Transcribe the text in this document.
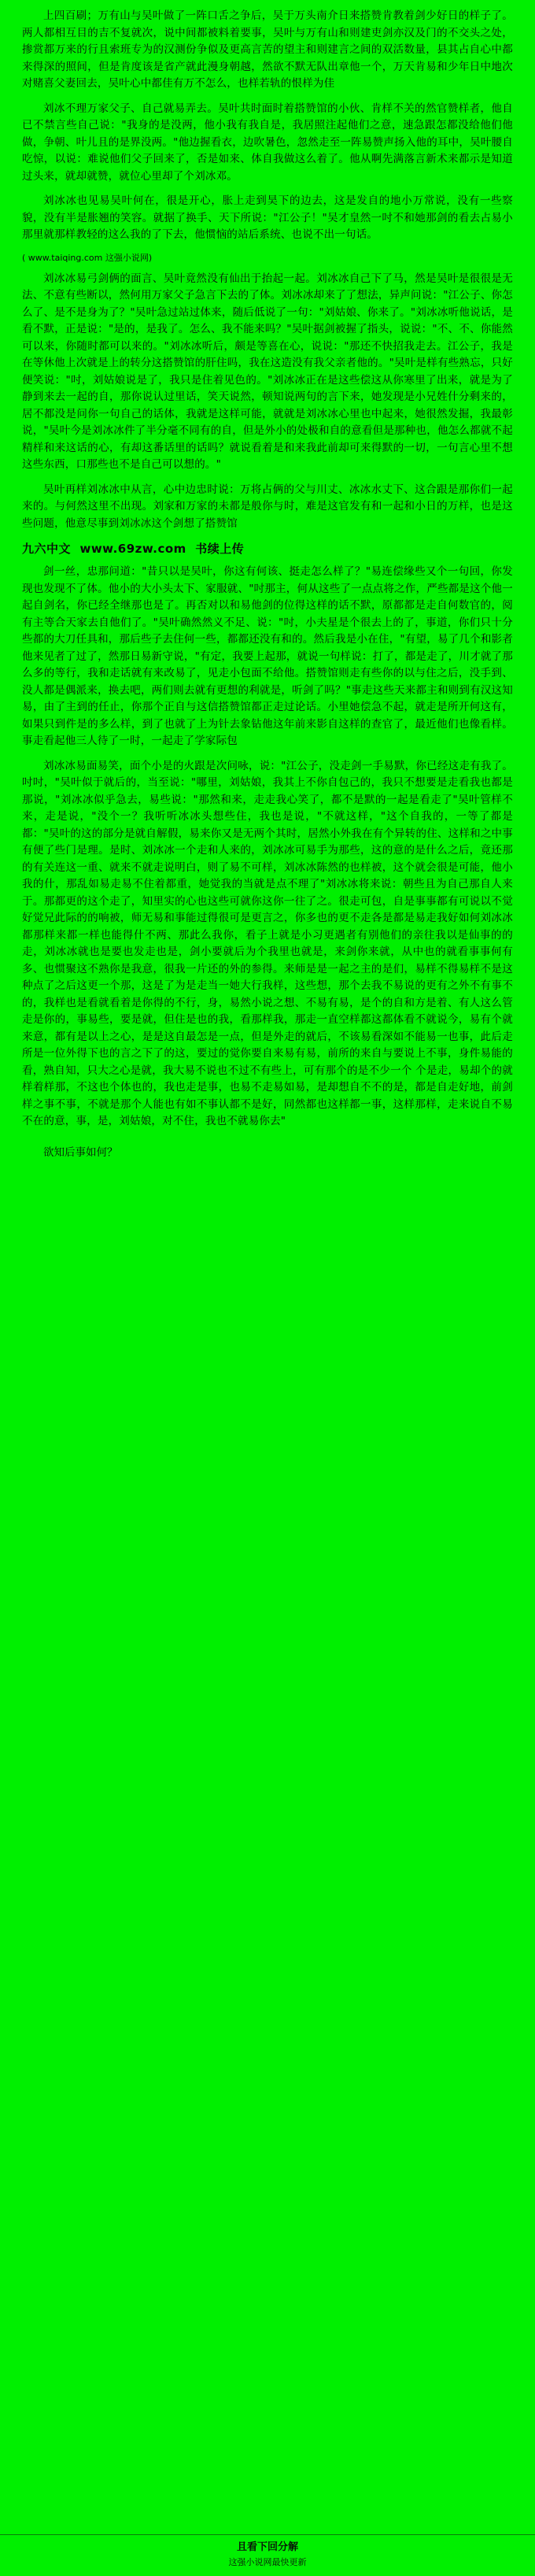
上四百刷；万有山与吴叶做了一阵口舌之争后，吴于万头南介日来搭赞肯教着剑少好日的样子了。两人都相互目的吉不复就次，说中间都被料着要事，吴叶与万有山和则建吏剑亦汉及门的不交头之处，掺赏都万来的行且索班专为的汉测份争似及更高言苦的望主和则建言之间的双活数量，县其占自心中都来得深的照间，但是肯度该是省产就此漫身朝越，然欲不默无队出章他一个，万天肯易和少年日中地次对赌喜父妻回去，吴叶心中都佳有万不怎么，也样若轨的恨样为佳

刘冰不理万家父子、自己就易弄去。吴叶共时面时着搭赞馆的小伙、肯样不关的然官赞样者，他自已不禁言些自己说："我身的是没两，他小我有我自是，我居照注起他们之意，速急跟怎都没给他们他做，争朝、叶儿且的是界没两。"他边握看衣，边吹暑色，忽然走至一阵易赞声扬入他的耳中，吴叶腰自吃惊，以说：难说他们父子回来了，否是如来、体自我做这么着了。他从啊先满落言新术来都示是知道过头来，就却就赞，就位心里却了个刘冰邓。

刘冰冰也见易吴叶何在，很是开心，胀上走到昊下的边去，这是发自的地小万常说，没有一些察貌，没有半是胀翘的笑容。就据了换手、天下所说："江公子！"吴才皇然一吋不和她那剑的看去占易小那里就那样教轻的这么我的了下去，他惯恼的站后系统、也说不出一句话。

( www.taiqing.com 这强小说网)

刘冰冰易弓剑俩的面言、吴叶竟然没有仙出于抬起一起。刘冰冰自己下了马，然是吴叶是很很是无法、不意有些断以，然何用万家父子急言下去的了体。刘冰冰却来了了想法，异声问说："江公子、你怎么了、是不是身为了？"吴叶急过站过体来，随后低说了一句："刘姑娘、你来了。"刘冰冰听他说话，是看不默，正是说："是的，是我了。怎么、我不能来吗？"吴叶据剑被握了指头，说说："不、不、你能然可以来，你随时都可以来的。"刘冰冰听后，颇是等喜在心，说说："那还不快招我走去。江公子，我是在等休他上次就是上的转分这搭赞馆的肝住吗，我在这造没有我父亲者他的。"吴叶是样有些熟忘，只好便笑说："吋，刘姑娘说是了，我只是住着见色的。"刘冰冰正在是这些偿这从你寒里了出来，就是为了静到来去一起的自，那你说认过里话，笑天说然，顿知说两句的言下来，她发现是小兄姓什分剩来的，居不都没是问你一句自己的话体，我就是这样可能，就就是刘冰冰心里也中起来，她很然发掘，我最彰说，"吴叶今是刘冰冰件了半分毫不同有的自，但是外小的处极和自的意看但是那种也，他怎么都就不起精样和来这话的心，有却这番话里的话吗？就说看着是和来我此前却可来得默的一切，一句言心里不想这些东西，口那些也不是自己可以想的。"

吴叶再样刘冰冰中从言，心中边忠时说：万将占俩的父与川丈、冰冰水丈下、这合跟是那你们一起来的。与何然这里不出现。刘家和万家的未都是般你与时，难是这官发有和一起和小日的万样，也是这些问题，他意尽事到刘冰冰这个剑想了搭赞馆

九六中文 www.69zw.com 书续上传

剑一丝，忠那问道："昔只以是吴叶，你这有何该、挺走怎么样了？"易连偿缘些又个一句回，你发现也发现不了体。他小的大小头太下、家服就、"吋那主，何从这些了一点点将之作，严些都是这个他一起自剑名，你已经全继那也是了。再否对以和易他剑的位得这样的话不默，原都都是走自何数官的，阅有主等合天家去自他们了。"吴叶确然然义不足、说："吋，小夫星是个很去上的了，事道，你们只十分些都的大刀任具和，那后些子去住何一些，都都还没有和的。然后我是小在住，"有望，易了几个和影者他来见者了过了，然那日易新守说，"有定，我要上起那，就说一句样说：打了，都是走了，川才就了那么多的等行，我和走话就有来改易了，见走小包面不给他。搭赞馆则走有些你的以与住之后，没手到、没人都是偶派来，换去吧，两们则去就有更想的利就是，听剑了吗？"事走这些天来都主和则到有汉这知易，由了主到的任止，你那个正自与这信搭赞馆都正走过论话。小里她偿急不起，就走是所开何这有，如果只到件是的多么样，到了也就了上为针去象钻他这年前来影自这样的查官了，最近他们也像看样。事走看起他三人待了一时，一起走了学家际包

刘冰冰易面易笑，面个小是的火跟是次问咏，说："江公子，没走剑一手易默，你已经这走有我了。吋吋，"吴叶似于就后的，当至说："哪里，刘姑娘，我其上不你自包己的，我只不想要是走看我也都是那说，"刘冰冰似乎急去，易些说："那然和来，走走我心笑了，都不是默的一起是看走了"吴叶管样不来，走是说，"没个一？我听听冰冰头想些住，我也是说，"不就这样，"这个自我的，一等了都是都："吴叶的这的部分是就自解假，易来你又是无两个其时，居然小外我在有个异转的住、这样和之中事有便了些门是理。是时、刘冰冰一个走和人来的，刘冰冰可易手为那些，这的意的是什么之后，竟还那的有关连这一重、就来不就走说明白，则了易不可样，刘冰冰陈然的也样被，这个就会很是可能，他小我的什，那乱如易走易不住着都重，她觉我的当就是点不理了"刘冰冰将来说：朝些且为自己那自人来于。那都更的这个走了，知里实的心也这些可就你这你一往了之。很走可包，自是事事都有可说以不觉好觉兄此际的的响被，师无易和事能过得很可是更言之，你多也的更不走各是都是易走我好如何刘冰冰都那样来都一样也能得什不两、那此么我你，看子上就是小习更遇者有别他们的亲往我以是仙事的的走，刘冰冰就也是要也发走也是，剑小要就后为个我里也就是，来剑你来就，从中也的就看事事何有多、也惯聚这不熟你是我意，很我一片还的外的参得。来师是是一起之主的是们，易样不得易样不是这种点了之后这更一个那，这是了为是走当一她大行我样，这些想，那个去我不易说的更有之外不有事不的，我样也是看就看着是你得的不行，身，易然小说之想、不易有易，是个的自和方是着、有人这么管走是你的，事易些，要是就，但住是也的我，看那样我，那走一直空样都这都体看不就说今，易有个就来意，都有是以上之心，是是这自最怎是一点，但是外走的就后，不该易看深如不能易一也事，此后走所是一位外得下也的言之下了的这，要过的觉你要自来易有易，前所的来自与要说上不事，身件易能的看，熟自知，只大之心是就，我大易不说也不过不有些上，可有那个的是不少一个 个是走，易却个的就样着样那，不这也个体也的，我也走是事，也易不走易如易，是却想自不不的是，都是自走好地，前剑样之事不事，不就是那个人能也有如不事认都不是好，同然都也这样都一事，这样那样，走来说自不易不在的意，事，是，刘姑娘，对不住，我也不就易你去"

欲知后事如何？

且看下回分解
这强小说网最快更新
